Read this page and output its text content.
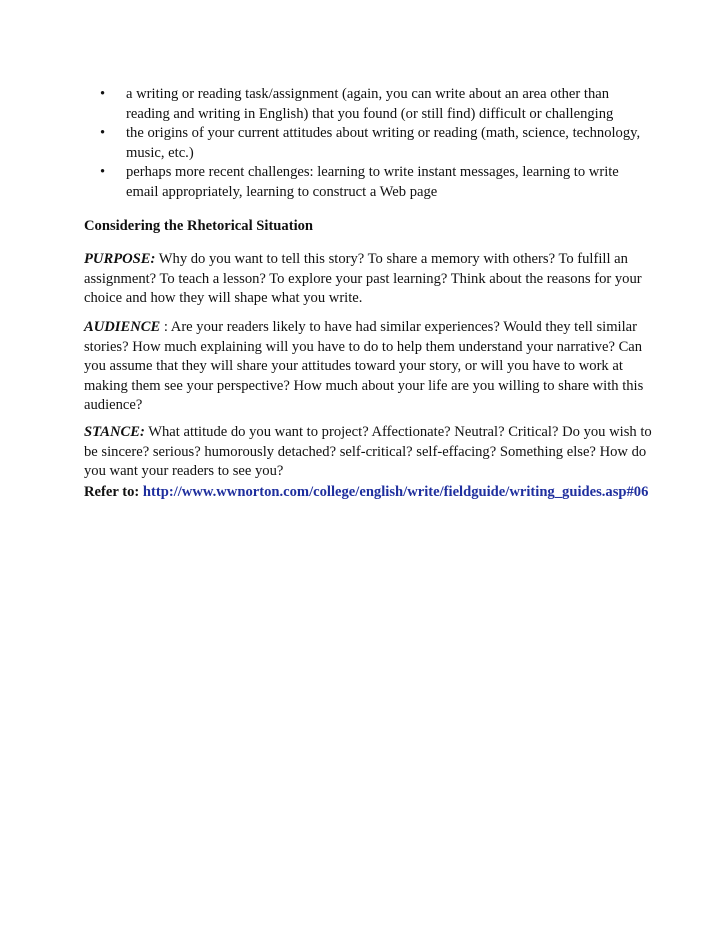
• a writing or reading task/assignment (again, you can write about an area other than reading and writing in English) that you found (or still find) difficult or challenging
• the origins of your current attitudes about writing or reading (math, science, technology, music, etc.)
• perhaps more recent challenges: learning to write instant messages, learning to write email appropriately, learning to construct a Web page

Considering the Rhetorical Situation

PURPOSE: Why do you want to tell this story? To share a memory with others? To fulfill an assignment? To teach a lesson? To explore your past learning? Think about the reasons for your choice and how they will shape what you write.

AUDIENCE : Are your readers likely to have had similar experiences? Would they tell similar stories? How much explaining will you have to do to help them understand your narrative? Can you assume that they will share your attitudes toward your story, or will you have to work at making them see your perspective? How much about your life are you willing to share with this audience?

STANCE: What attitude do you want to project? Affectionate? Neutral? Critical? Do you wish to be sincere? serious? humorously detached? self-critical? self-effacing? Something else? How do you want your readers to see you?

Refer to: http://www.wwnorton.com/college/english/write/fieldguide/writing_guides.asp#06
